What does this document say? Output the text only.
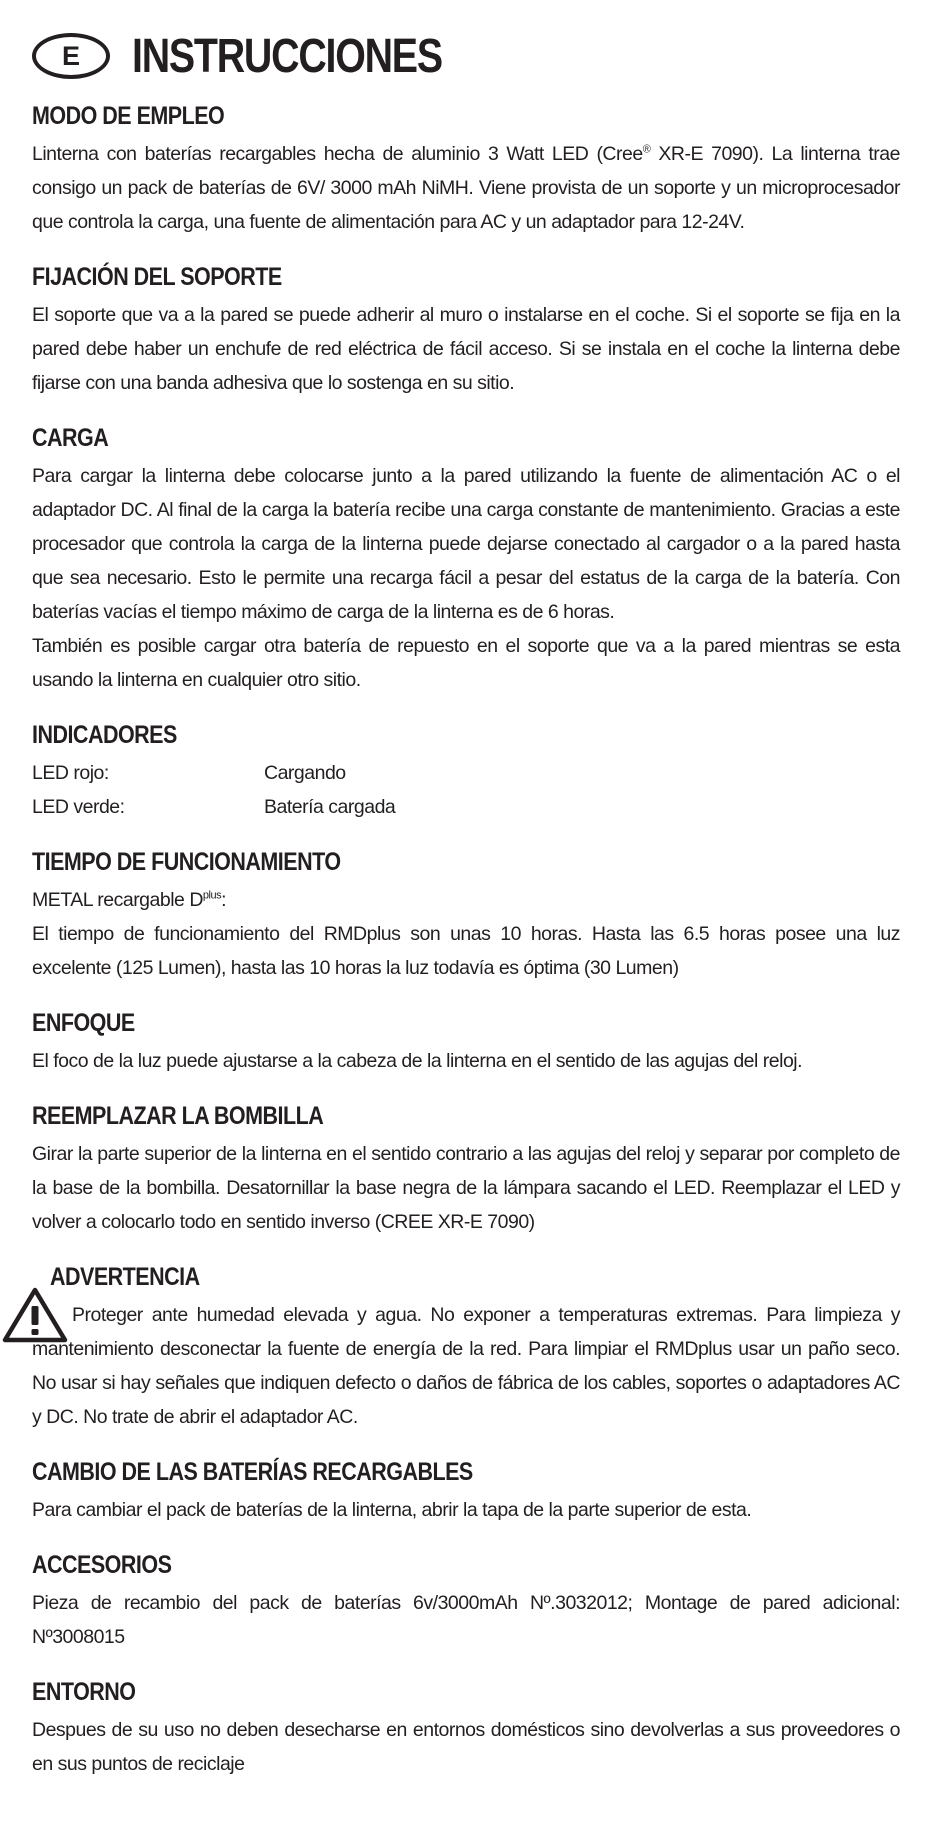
E	INSTRUCCIONES
MODO DE EMPLEO

Linterna con baterías recargables hecha de aluminio 3 Watt LED (Cree® XR-E 7090). La linterna trae consigo un pack de baterías de 6V/ 3000 mAh NiMH. Viene provista de un soporte y un microprocesador que controla la carga, una fuente de alimentación para AC y un adaptador para 12-24V.

FIJACIÓN DEL SOPORTE

El soporte que va a la pared se puede adherir al muro o instalarse en el coche. Si el soporte se fija en la pared debe haber un enchufe de red eléctrica de fácil acceso. Si se instala en el coche la linterna debe fijarse con una banda adhesiva que lo sostenga en su sitio.

CARGA

Para cargar la linterna debe colocarse junto a la pared utilizando la fuente de alimentación AC o el adaptador DC. Al final de la carga la batería recibe una carga constante de mantenimiento. Gracias a este procesador que controla la carga de la linterna puede dejarse conectado al cargador o a la pared hasta que sea necesario. Esto le permite una recarga fácil a pesar del estatus de la carga de la batería. Con baterías vacías el tiempo máximo de carga de la linterna es de 6 horas.

También es posible cargar otra batería de repuesto en el soporte que va a la pared mientras se esta usando la linterna en cualquier otro sitio.

INDICADORES
LED rojo:	Cargando
LED verde:	Batería cargada
TIEMPO DE FUNCIONAMIENTO

METAL recargable $D^{plus}$:

El tiempo de funcionamiento del RMDplus son unas 10 horas. Hasta las 6.5 horas posee una luz excelente (125 Lumen), hasta las 10 horas la luz todavía es óptima (30 Lumen)

ENFOQUE

El foco de la luz puede ajustarse a la cabeza de la linterna en el sentido de las agujas del reloj.

REEMPLAZAR LA BOMBILLA

Girar la parte superior de la linterna en el sentido contrario a las agujas del reloj y separar por completo de la base de la bombilla. Desatornillar la base negra de la lámpara sacando el LED. Reemplazar el LED y volver a colocarlo todo en sentido inverso (CREE XR-E 7090)

ADVERTENCIA

Proteger ante humedad elevada y agua. No exponer a temperaturas extremas. Para limpieza y mantenimiento desconectar la fuente de energía de la red. Para limpiar el RMDplus usar un paño seco. No usar si hay señales que indiquen defecto o daños de fábrica de los cables, soportes o adaptadores AC y DC. No trate de abrir el adaptador AC.

CAMBIO DE LAS BATERÍAS RECARGABLES

Para cambiar el pack de baterías de la linterna, abrir la tapa de la parte superior de esta.

ACCESORIOS

Pieza de recambio del pack de baterías 6v/3000mAh Nº.3032012; Montage de pared adicional: Nº3008015

ENTORNO

Despues de su uso no deben desecharse en entornos domésticos sino devolverlas a sus proveedores o en sus puntos de reciclaje
